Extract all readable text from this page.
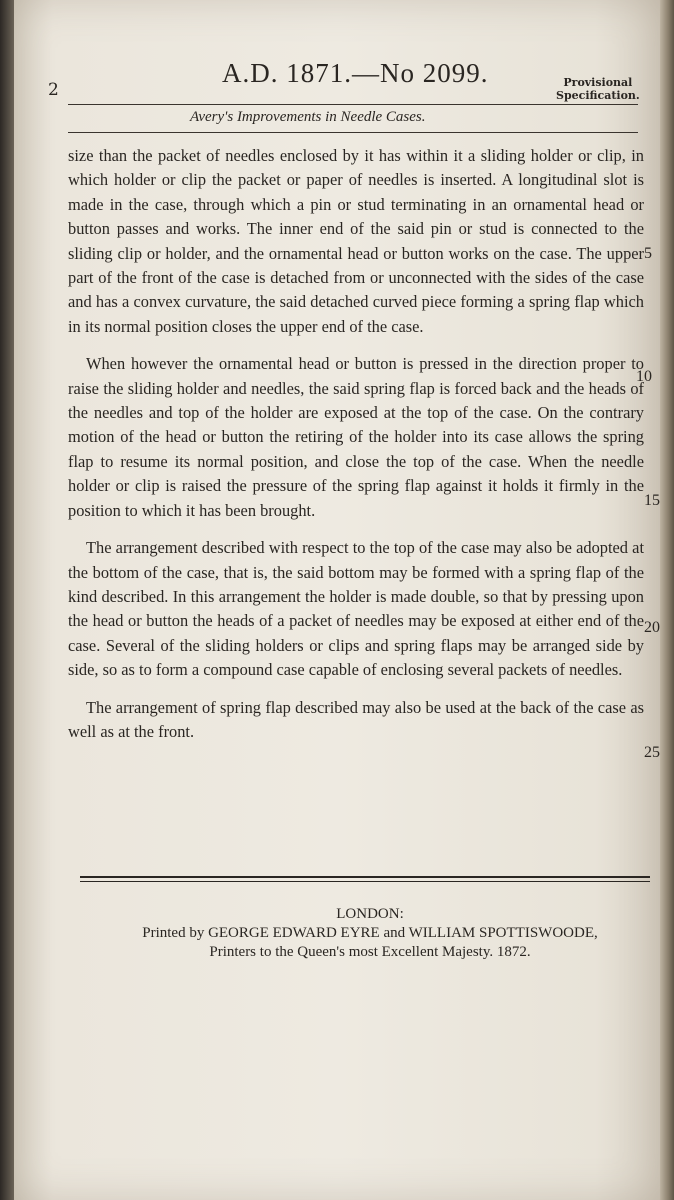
2
A.D. 1871.—No 2099.	Provisional
Specification.
Avery's Improvements in Needle Cases.

size than the packet of needles enclosed by it has within it a sliding holder or clip, in which holder or clip the packet or paper of needles is inserted. A longitudinal slot is made in the case, through which a pin or stud terminating in an ornamental head or button passes and works. The inner end of the said pin or stud is connected to the sliding clip or holder, and the ornamental head or button works on the case. The upper part of the front of the case is detached from or unconnected with the sides of the case and has a convex curvature, the said detached curved piece forming a spring flap which in its normal position closes the upper end of the case.

When however the ornamental head or button is pressed in the direction proper to raise the sliding holder and needles, the said spring flap is forced back and the heads of the needles and top of the holder are exposed at the top of the case. On the contrary motion of the head or button the retiring of the holder into its case allows the spring flap to resume its normal position, and close the top of the case. When the needle holder or clip is raised the pressure of the spring flap against it holds it firmly in the position to which it has been brought.

The arrangement described with respect to the top of the case may also be adopted at the bottom of the case, that is, the said bottom may be formed with a spring flap of the kind described. In this arrangement the holder is made double, so that by pressing upon the head or button the heads of a packet of needles may be exposed at either end of the case. Several of the sliding holders or clips and spring flaps may be arranged side by side, so as to form a compound case capable of enclosing several packets of needles.

The arrangement of spring flap described may also be used at the back of the case as well as at the front.

5
10
15
20
25
LONDON:
Printed by GEORGE EDWARD EYRE and WILLIAM SPOTTISWOODE,
Printers to the Queen's most Excellent Majesty. 1872.
